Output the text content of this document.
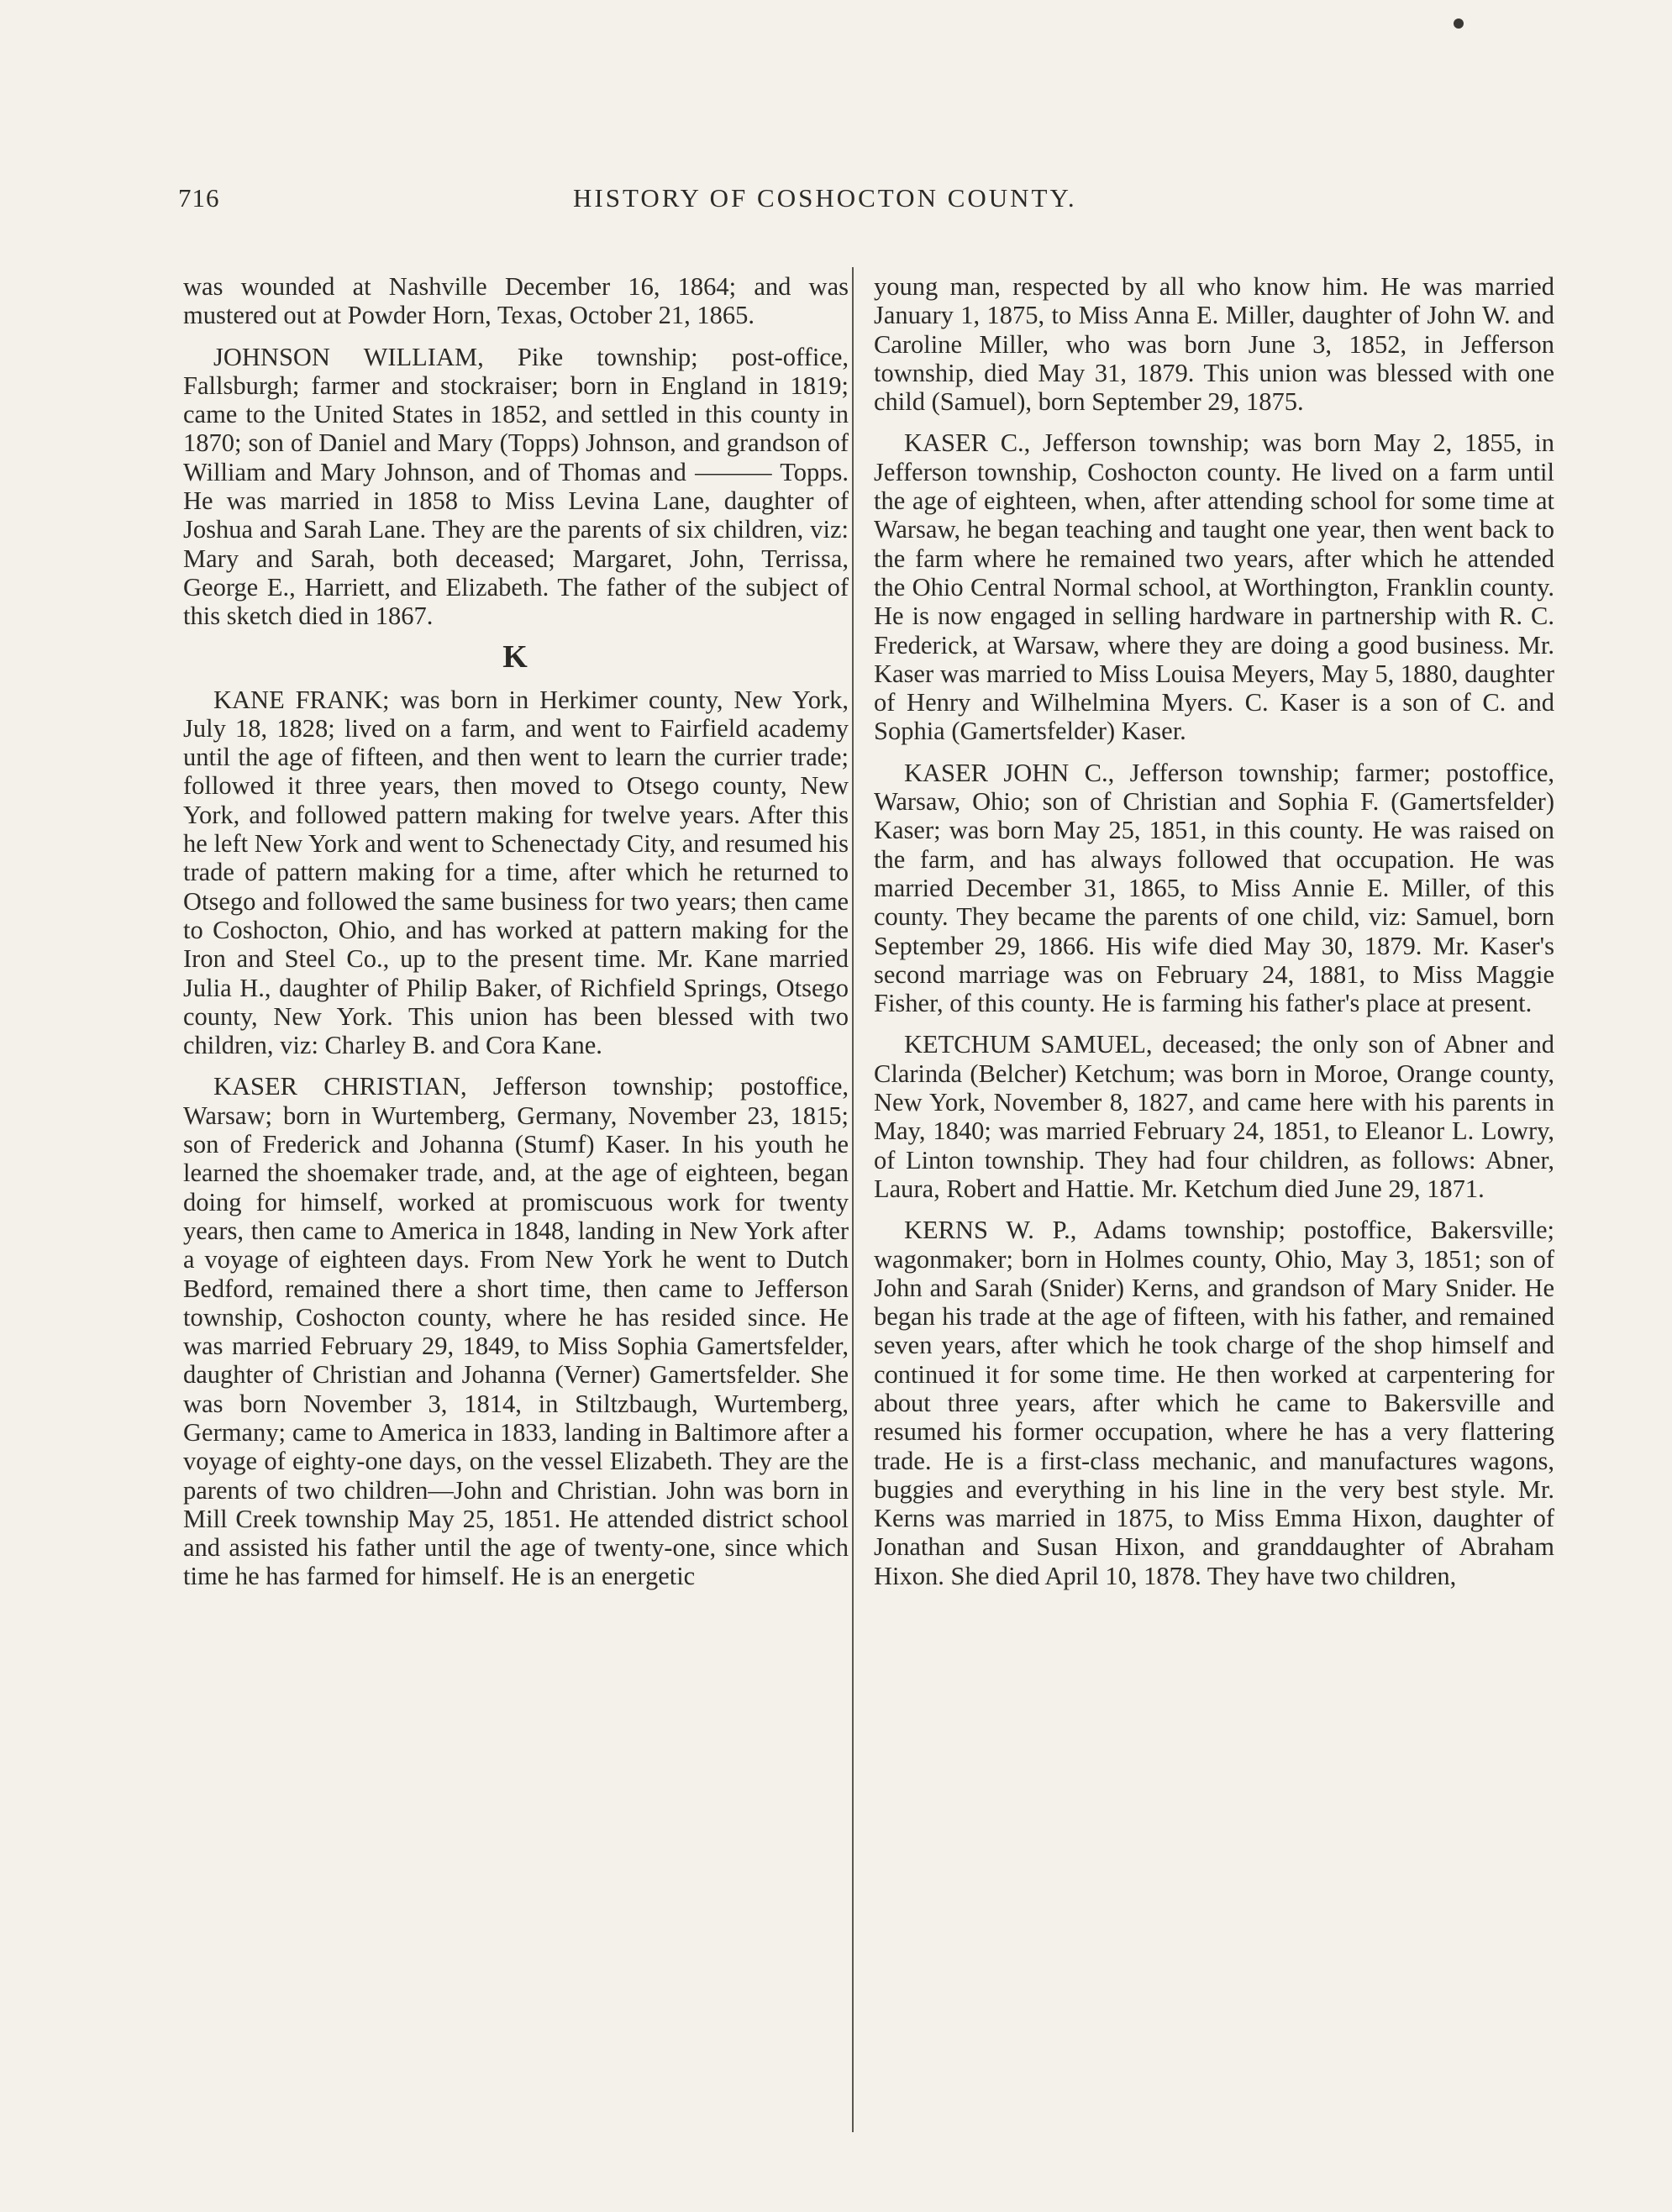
716	HISTORY OF COSHOCTON COUNTY.

was wounded at Nashville December 16, 1864; and was mustered out at Powder Horn, Texas, October 21, 1865.

JOHNSON WILLIAM, Pike township; post-office, Fallsburgh; farmer and stockraiser; born in England in 1819; came to the United States in 1852, and settled in this county in 1870; son of Daniel and Mary (Topps) Johnson, and grandson of William and Mary Johnson, and of Thomas and ——— Topps. He was married in 1858 to Miss Levina Lane, daughter of Joshua and Sarah Lane. They are the parents of six children, viz: Mary and Sarah, both deceased; Margaret, John, Terrissa, George E., Harriett, and Elizabeth. The father of the subject of this sketch died in 1867.

K

KANE FRANK; was born in Herkimer county, New York, July 18, 1828; lived on a farm, and went to Fairfield academy until the age of fifteen, and then went to learn the currier trade; followed it three years, then moved to Otsego county, New York, and followed pattern making for twelve years. After this he left New York and went to Schenectady City, and resumed his trade of pattern making for a time, after which he returned to Otsego and followed the same business for two years; then came to Coshocton, Ohio, and has worked at pattern making for the Iron and Steel Co., up to the present time. Mr. Kane married Julia H., daughter of Philip Baker, of Richfield Springs, Otsego county, New York. This union has been blessed with two children, viz: Charley B. and Cora Kane.

KASER CHRISTIAN, Jefferson township; postoffice, Warsaw; born in Wurtemberg, Germany, November 23, 1815; son of Frederick and Johanna (Stumf) Kaser. In his youth he learned the shoemaker trade, and, at the age of eighteen, began doing for himself, worked at promiscuous work for twenty years, then came to America in 1848, landing in New York after a voyage of eighteen days. From New York he went to Dutch Bedford, remained there a short time, then came to Jefferson township, Coshocton county, where he has resided since. He was married February 29, 1849, to Miss Sophia Gamertsfelder, daughter of Christian and Johanna (Verner) Gamertsfelder. She was born November 3, 1814, in Stiltzbaugh, Wurtemberg, Germany; came to America in 1833, landing in Baltimore after a voyage of eighty-one days, on the vessel Elizabeth. They are the parents of two children—John and Christian. John was born in Mill Creek township May 25, 1851. He attended district school and assisted his father until the age of twenty-one, since which time he has farmed for himself. He is an energetic

young man, respected by all who know him. He was married January 1, 1875, to Miss Anna E. Miller, daughter of John W. and Caroline Miller, who was born June 3, 1852, in Jefferson township, died May 31, 1879. This union was blessed with one child (Samuel), born September 29, 1875.

KASER C., Jefferson township; was born May 2, 1855, in Jefferson township, Coshocton county. He lived on a farm until the age of eighteen, when, after attending school for some time at Warsaw, he began teaching and taught one year, then went back to the farm where he remained two years, after which he attended the Ohio Central Normal school, at Worthington, Franklin county. He is now engaged in selling hardware in partnership with R. C. Frederick, at Warsaw, where they are doing a good business. Mr. Kaser was married to Miss Louisa Meyers, May 5, 1880, daughter of Henry and Wilhelmina Myers. C. Kaser is a son of C. and Sophia (Gamertsfelder) Kaser.

KASER JOHN C., Jefferson township; farmer; postoffice, Warsaw, Ohio; son of Christian and Sophia F. (Gamertsfelder) Kaser; was born May 25, 1851, in this county. He was raised on the farm, and has always followed that occupation. He was married December 31, 1865, to Miss Annie E. Miller, of this county. They became the parents of one child, viz: Samuel, born September 29, 1866. His wife died May 30, 1879. Mr. Kaser's second marriage was on February 24, 1881, to Miss Maggie Fisher, of this county. He is farming his father's place at present.

KETCHUM SAMUEL, deceased; the only son of Abner and Clarinda (Belcher) Ketchum; was born in Moroe, Orange county, New York, November 8, 1827, and came here with his parents in May, 1840; was married February 24, 1851, to Eleanor L. Lowry, of Linton township. They had four children, as follows: Abner, Laura, Robert and Hattie. Mr. Ketchum died June 29, 1871.

KERNS W. P., Adams township; postoffice, Bakersville; wagonmaker; born in Holmes county, Ohio, May 3, 1851; son of John and Sarah (Snider) Kerns, and grandson of Mary Snider. He began his trade at the age of fifteen, with his father, and remained seven years, after which he took charge of the shop himself and continued it for some time. He then worked at carpentering for about three years, after which he came to Bakersville and resumed his former occupation, where he has a very flattering trade. He is a first-class mechanic, and manufactures wagons, buggies and everything in his line in the very best style. Mr. Kerns was married in 1875, to Miss Emma Hixon, daughter of Jonathan and Susan Hixon, and granddaughter of Abraham Hixon. She died April 10, 1878. They have two children,
